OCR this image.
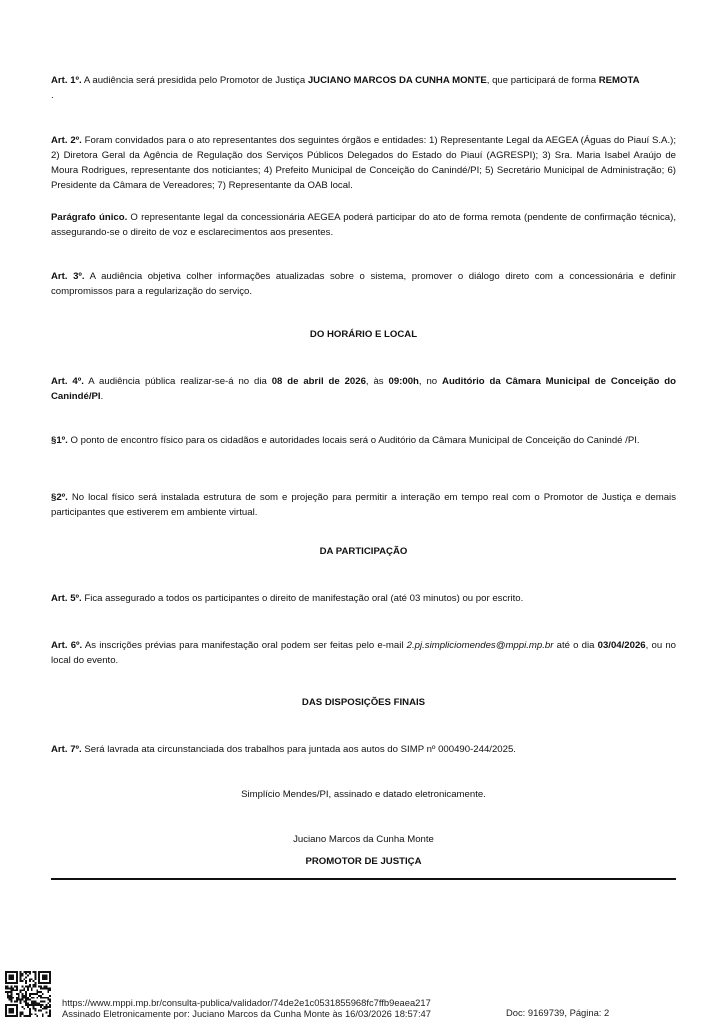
Art. 1º. A audiência será presidida pelo Promotor de Justiça JUCIANO MARCOS DA CUNHA MONTE, que participará de forma REMOTA
.
Art. 2º. Foram convidados para o ato representantes dos seguintes órgãos e entidades: 1) Representante Legal da AEGEA (Águas do Piauí S.A.); 2) Diretora Geral da Agência de Regulação dos Serviços Públicos Delegados do Estado do Piauí (AGRESPI); 3) Sra. Maria Isabel Araújo de Moura Rodrigues, representante dos noticiantes; 4) Prefeito Municipal de Conceição do Canindé/PI; 5) Secretário Municipal de Administração; 6) Presidente da Câmara de Vereadores; 7) Representante da OAB local.
Parágrafo único. O representante legal da concessionária AEGEA poderá participar do ato de forma remota (pendente de confirmação técnica), assegurando-se o direito de voz e esclarecimentos aos presentes.
Art. 3º. A audiência objetiva colher informações atualizadas sobre o sistema, promover o diálogo direto com a concessionária e definir compromissos para a regularização do serviço.
DO HORÁRIO E LOCAL
Art. 4º. A audiência pública realizar-se-á no dia 08 de abril de 2026, às 09:00h, no Auditório da Câmara Municipal de Conceição do Canindé/PI.
§1º. O ponto de encontro físico para os cidadãos e autoridades locais será o Auditório da Câmara Municipal de Conceição do Canindé /PI.
§2º. No local físico será instalada estrutura de som e projeção para permitir a interação em tempo real com o Promotor de Justiça e demais participantes que estiverem em ambiente virtual.
DA PARTICIPAÇÃO
Art. 5º. Fica assegurado a todos os participantes o direito de manifestação oral (até 03 minutos) ou por escrito.
Art. 6º. As inscrições prévias para manifestação oral podem ser feitas pelo e-mail 2.pj.simpliciomendes@mppi.mp.br até o dia 03/04/2026, ou no local do evento.
DAS DISPOSIÇÕES FINAIS
Art. 7º. Será lavrada ata circunstanciada dos trabalhos para juntada aos autos do SIMP nº 000490-244/2025.
Simplício Mendes/PI, assinado e datado eletronicamente.
Juciano Marcos da Cunha Monte
PROMOTOR DE JUSTIÇA
https://www.mppi.mp.br/consulta-publica/validador/74de2e1c0531855968fc7ffb9eaea217
Assinado Eletronicamente por: Juciano Marcos da Cunha Monte às 16/03/2026 18:57:47	Doc: 9169739, Página: 2
